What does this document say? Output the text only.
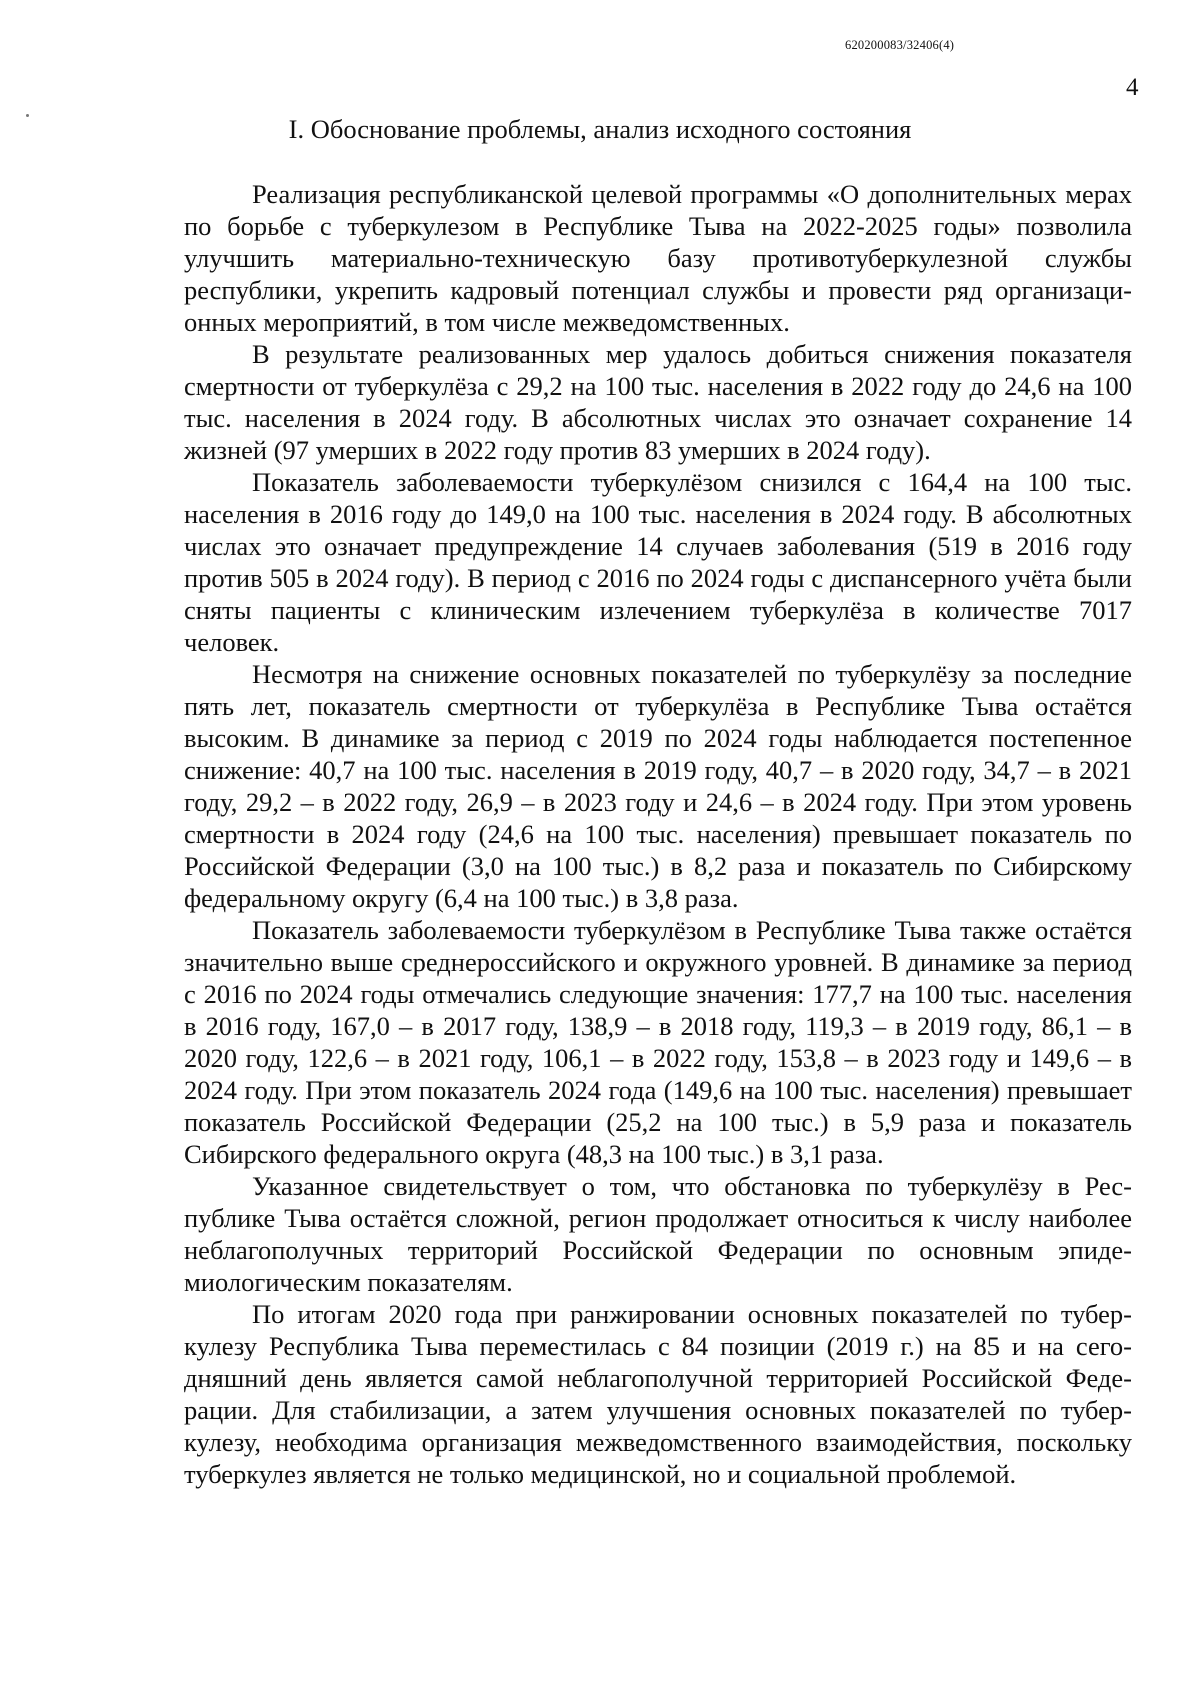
620200083/32406(4)
4
I. Обоснование проблемы, анализ исходного состояния

Реализация республиканской целевой программы «О дополнительных мерах по борьбе с туберкулезом в Республике Тыва на 2022-2025 годы» позволила улучшить материально-техническую базу противотуберкулезной службы республики, укрепить кадровый потенциал службы и провести ряд организационных мероприятий, в том числе межведомственных.

В результате реализованных мер удалось добиться снижения показателя смертности от туберкулёза с 29,2 на 100 тыс. населения в 2022 году до 24,6 на 100 тыс. населения в 2024 году. В абсолютных числах это означает сохранение 14 жизней (97 умерших в 2022 году против 83 умерших в 2024 году).

Показатель заболеваемости туберкулёзом снизился с 164,4 на 100 тыс. населения в 2016 году до 149,0 на 100 тыс. населения в 2024 году. В абсолютных числах это означает предупреждение 14 случаев заболевания (519 в 2016 году против 505 в 2024 году). В период с 2016 по 2024 годы с диспансерного учёта были сняты пациенты с клиническим излечением туберкулёза в количестве 7017 человек.

Несмотря на снижение основных показателей по туберкулёзу за последние пять лет, показатель смертности от туберкулёза в Республике Тыва остаётся высоким. В динамике за период с 2019 по 2024 годы наблюдается постепенное снижение: 40,7 на 100 тыс. населения в 2019 году, 40,7 – в 2020 году, 34,7 – в 2021 году, 29,2 – в 2022 году, 26,9 – в 2023 году и 24,6 – в 2024 году. При этом уровень смертности в 2024 году (24,6 на 100 тыс. населения) превышает показатель по Российской Федерации (3,0 на 100 тыс.) в 8,2 раза и показатель по Сибирскому федеральному округу (6,4 на 100 тыс.) в 3,8 раза.

Показатель заболеваемости туберкулёзом в Республике Тыва также остаётся значительно выше среднероссийского и окружного уровней. В динамике за период с 2016 по 2024 годы отмечались следующие значения: 177,7 на 100 тыс. населения в 2016 году, 167,0 – в 2017 году, 138,9 – в 2018 году, 119,3 – в 2019 году, 86,1 – в 2020 году, 122,6 – в 2021 году, 106,1 – в 2022 году, 153,8 – в 2023 году и 149,6 – в 2024 году. При этом показатель 2024 года (149,6 на 100 тыс. населения) превышает показатель Российской Федерации (25,2 на 100 тыс.) в 5,9 раза и показатель Сибирского федерального округа (48,3 на 100 тыс.) в 3,1 раза.

Указанное свидетельствует о том, что обстановка по туберкулёзу в Республике Тыва остаётся сложной, регион продолжает относиться к числу наиболее неблагополучных территорий Российской Федерации по основным эпидемиологическим показателям.

По итогам 2020 года при ранжировании основных показателей по туберкулезу Республика Тыва переместилась с 84 позиции (2019 г.) на 85 и на сегодняшний день является самой неблагополучной территорией Российской Федерации. Для стабилизации, а затем улучшения основных показателей по туберкулезу, необходима организация межведомственного взаимодействия, поскольку туберкулез является не только медицинской, но и социальной проблемой.
